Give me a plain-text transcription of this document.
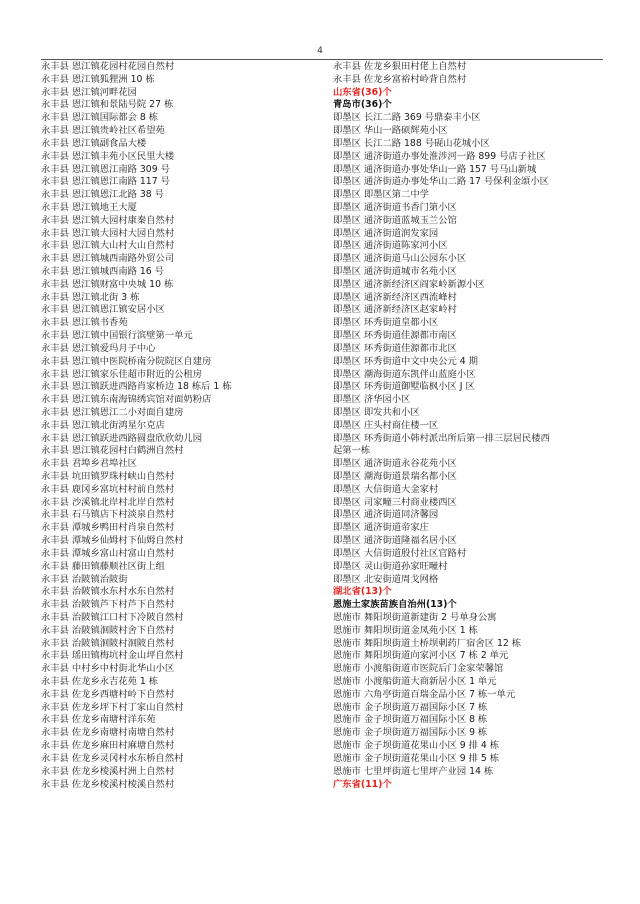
4
永丰县 恩江镇花园村花园自然村
永丰县 恩江镇狐狸洲 10 栋
永丰县 恩江镇河畔花园
永丰县 恩江镇和景陆号院 27 栋
永丰县 恩江镇国际都会 8 栋
永丰县 恩江镇贵岭社区希望苑
永丰县 恩江镇副食品大楼
永丰县 恩江镇丰苑小区民里大楼
永丰县 恩江镇恩江南路 309 号
永丰县 恩江镇恩江南路 117 号
永丰县 恩江镇恩江北路 38 号
永丰县 恩江镇地王大厦
永丰县 恩江镇大园村康秦自然村
永丰县 恩江镇大园村大园自然村
永丰县 恩江镇大山村大山自然村
永丰县 恩江镇城西南路外贸公司
永丰县 恩江镇城西南路 16 号
永丰县 恩江镇财富中央城 10 栋
永丰县 恩江镇北街 3 栋
永丰县 恩江镇恩江镇安居小区
永丰县 恩江镇书香苑
永丰县 恩江镇中国银行滨壁第一单元
永丰县 恩江镇爱玛月子中心
永丰县 恩江镇中医院桥南分院院区自建房
永丰县 恩江镇家乐佳超市附近的公租房
永丰县 恩江镇跃进西路肖家桥边 18 栋后 1 栋
永丰县 恩江镇东南海锦绣宾馆对面奶粉店
永丰县 恩江镇恩江二小对面自建房
永丰县 恩江镇北街鸿星尔克店
永丰县 恩江镇跃进西路圆盘欣欣幼儿园
永丰县 恩江镇花园村白鹤洲自然村
永丰县 君埠乡君埠社区
永丰县 坑田镇罗珠村峡山自然村
永丰县 鹿冈乡富坑村村前自然村
永丰县 沙溪镇北岸村北岸自然村
永丰县 石马镇店下村淡泉自然村
永丰县 潭城乡鸭田村肖泉自然村
永丰县 潭城乡仙姆村下仙姆自然村
永丰县 潭城乡富山村富山自然村
永丰县 藤田镇藤顺社区街上组
永丰县 治陂镇治陂街
永丰县 治陂镇水东村水东自然村
永丰县 治陂镇芦下村芦下自然村
永丰县 治陂镇江口村下冷陂自然村
永丰县 治陂镇洄陂村舍下自然村
永丰县 治陂镇洄陂村洄陂自然村
永丰县 瑶田镇梅坑村金山坪自然村
永丰县 中村乡中村街北华山小区
永丰县 佐龙乡永吉花苑 1 栋
永丰县 佐龙乡西塘村岭下自然村
永丰县 佐龙乡坪下村丁家山自然村
永丰县 佐龙乡南塘村洋东苑
永丰县 佐龙乡南塘村南塘自然村
永丰县 佐龙乡麻田村麻塘自然村
永丰县 佐龙乡灵冈村水东桥自然村
永丰县 佐龙乡棱溪村洲上自然村
永丰县 佐龙乡棱溪村棱溪自然村
永丰县 佐龙乡狠田村佬上自然村
永丰县 佐龙乡富裕村岭背自然村
山东省(36)个
青岛市(36)个
即墨区 长江二路 369 号鼎泰丰小区
即墨区 华山一路硕辉苑小区
即墨区 长江二路 188 号砚山花城小区
即墨区 通济街道办事处淮涉河一路 899 号店子社区
即墨区 通济街道办事处华山一路 157 号马山新城
即墨区 通济街道办事处华山二路 17 号保利金頌小区
即墨区 即墨区第二中学
即墨区 通济街道书香门第小区
即墨区 通济街道蓝城玉兰公馆
即墨区 通济街道润发家园
即墨区 通济街道陈家河小区
即墨区 通济街道马山公园东小区
即墨区 通济街道城市名苑小区
即墨区 通济新经济区阎家岭新源小区
即墨区 通济新经济区西流峰村
即墨区 通济新经济区赵家岭村
即墨区 环秀街道皇都小区
即墨区 环秀街道佳源都市南区
即墨区 环秀街道佳源都市北区
即墨区 环秀街道中文中央公元 4 期
即墨区 潮海街道东凯伴山蓝庭小区
即墨区 环秀街道御墅临枫小区 J 区
即墨区 济华园小区
即墨区 即发共和小区
即墨区 庄头村商住楼一区
即墨区 环秀街道小韩村派出所后第一排三层居民楼西
起第一栋
即墨区 通济街道永谷花苑小区
即墨区 潮海街道景瑞名都小区
即墨区 大信街道大金家村
即墨区 司家疃三村商业楼西区
即墨区 通济街道同济馨园
即墨区 通济街道帝家庄
即墨区 通济街道隆福名居小区
即墨区 大信街道殷付社区官路村
即墨区 灵山街道孙家旺疃村
即墨区 北安街道周戈网格
湖北省(13)个
恩施土家族苗族自治州(13)个
恩施市 舞阳坝街道新建街 2 号单身公寓
恩施市 舞阳坝街道金凤苑小区 1 栋
恩施市 舞阳坝街道土桥坝刺药厂宿舍区 12 栋
恩施市 舞阳坝街道向家河小区 7 栋 2 单元
恩施市 小渡船街道市医院后门金家荣馨馆
恩施市 小渡船街道大商新居小区 1 单元
恩施市 六角亭街道百瑞金品小区 7 栋一单元
恩施市 金子坝街道万福国际小区 7 栋
恩施市 金子坝街道万福国际小区 8 栋
恩施市 金子坝街道万福国际小区 9 栋
恩施市 金子坝街道花果山小区 9 排 4 栋
恩施市 金子坝街道花果山小区 9 排 5 栋
恩施市 七里坪街道七里坪产业园 14 栋
广东省(11)个
